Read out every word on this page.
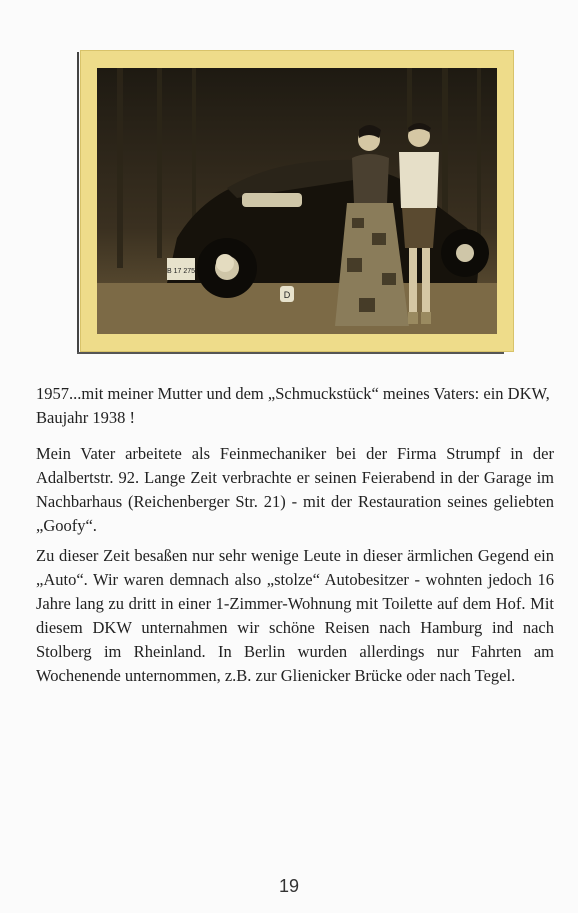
B 17 275
D

1957...mit meiner Mutter und dem „Schmuckstück“ meines Vaters: ein DKW, Baujahr 1938 !

Mein Vater arbeitete als Feinmechaniker bei der Firma Strumpf in der Adalbertstr. 92. Lange Zeit verbrachte er seinen Feierabend in der Garage im Nachbarhaus (Reichenberger Str. 21) - mit der Restauration seines geliebten „Goofy“.

Zu dieser Zeit besaßen nur sehr wenige Leute in dieser ärmlichen Gegend ein „Auto“. Wir waren demnach also „stolze“ Autobesitzer - wohnten jedoch 16 Jahre lang zu dritt in einer 1-Zimmer-Wohnung mit Toilette auf dem Hof. Mit diesem DKW unternahmen wir schöne Reisen nach Hamburg ind nach Stolberg im Rheinland. In Berlin wurden allerdings nur Fahrten am Wochenende unternommen, z.B. zur Glienicker Brücke oder nach Tegel.

19
